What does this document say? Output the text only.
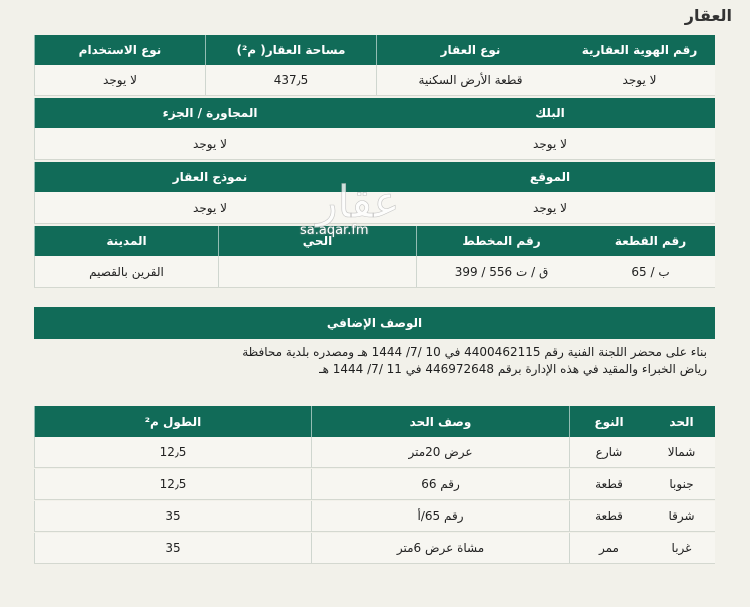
العقار
رقم الهوية العقارية
نوع العقار
مساحة العقار( م²)
نوع الاستخدام
لا يوجد
قطعة الأرض السكنية
437٫5
لا يوجد
البلك
المجاورة / الجزء
لا يوجد
لا يوجد
الموقع
نموذج العقار
لا يوجد
لا يوجد
رقم القطعة
رقم المخطط
الحي
المدينة
65 / ب
399 / ق / ت 556
القرين بالقصيم
الوصف الإضافي
بناء على محضر اللجنة الفنية رقم 4400462115 في 10 /7/ 1444 هـ ومصدره بلدية محافظة
رياض الخبراء والمقيد في هذه الإدارة برقم 446972648 في 11 /7/ 1444 هـ
الحد
النوع
وصف الحد
الطول م²
شمالا
شارع
عرض 20متر
12٫5
جنوبا
قطعة
رقم 66
12٫5
شرقا
قطعة
رقم 65/أ
35
غربا
ممر
مشاة عرض 6متر
35
عقار
sa.aqar.fm
